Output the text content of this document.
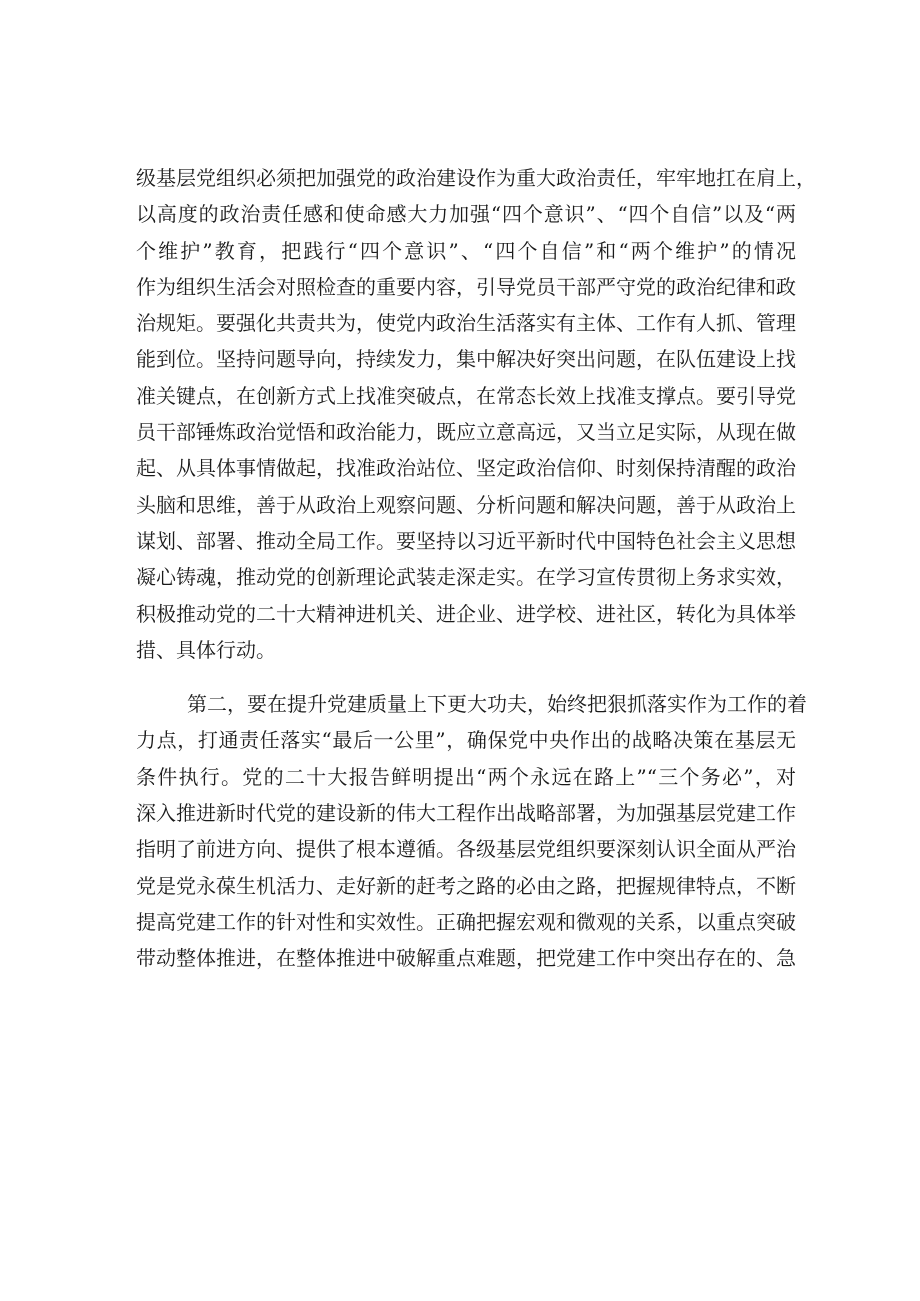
级基层党组织必须把加强党的政治建设作为重大政治责任，牢牢地扛在肩上，
以高度的政治责任感和使命感大力加强“四个意识”、“四个自信”以及“两
个维护”教育，把践行“四个意识”、“四个自信”和“两个维护”的情况
作为组织生活会对照检查的重要内容，引导党员干部严守党的政治纪律和政
治规矩。要强化共责共为，使党内政治生活落实有主体、工作有人抓、管理
能到位。坚持问题导向，持续发力，集中解决好突出问题，在队伍建设上找
准关键点，在创新方式上找准突破点，在常态长效上找准支撑点。要引导党
员干部锤炼政治觉悟和政治能力，既应立意高远，又当立足实际，从现在做
起、从具体事情做起，找准政治站位、坚定政治信仰、时刻保持清醒的政治
头脑和思维，善于从政治上观察问题、分析问题和解决问题，善于从政治上
谋划、部署、推动全局工作。要坚持以习近平新时代中国特色社会主义思想
凝心铸魂，推动党的创新理论武装走深走实。在学习宣传贯彻上务求实效，
积极推动党的二十大精神进机关、进企业、进学校、进社区，转化为具体举
措、具体行动。
第二，要在提升党建质量上下更大功夫，始终把狠抓落实作为工作的着
力点，打通责任落实“最后一公里”，确保党中央作出的战略决策在基层无
条件执行。党的二十大报告鲜明提出“两个永远在路上”“三个务必”，对
深入推进新时代党的建设新的伟大工程作出战略部署，为加强基层党建工作
指明了前进方向、提供了根本遵循。各级基层党组织要深刻认识全面从严治
党是党永葆生机活力、走好新的赶考之路的必由之路，把握规律特点，不断
提高党建工作的针对性和实效性。正确把握宏观和微观的关系，以重点突破
带动整体推进，在整体推进中破解重点难题，把党建工作中突出存在的、急
